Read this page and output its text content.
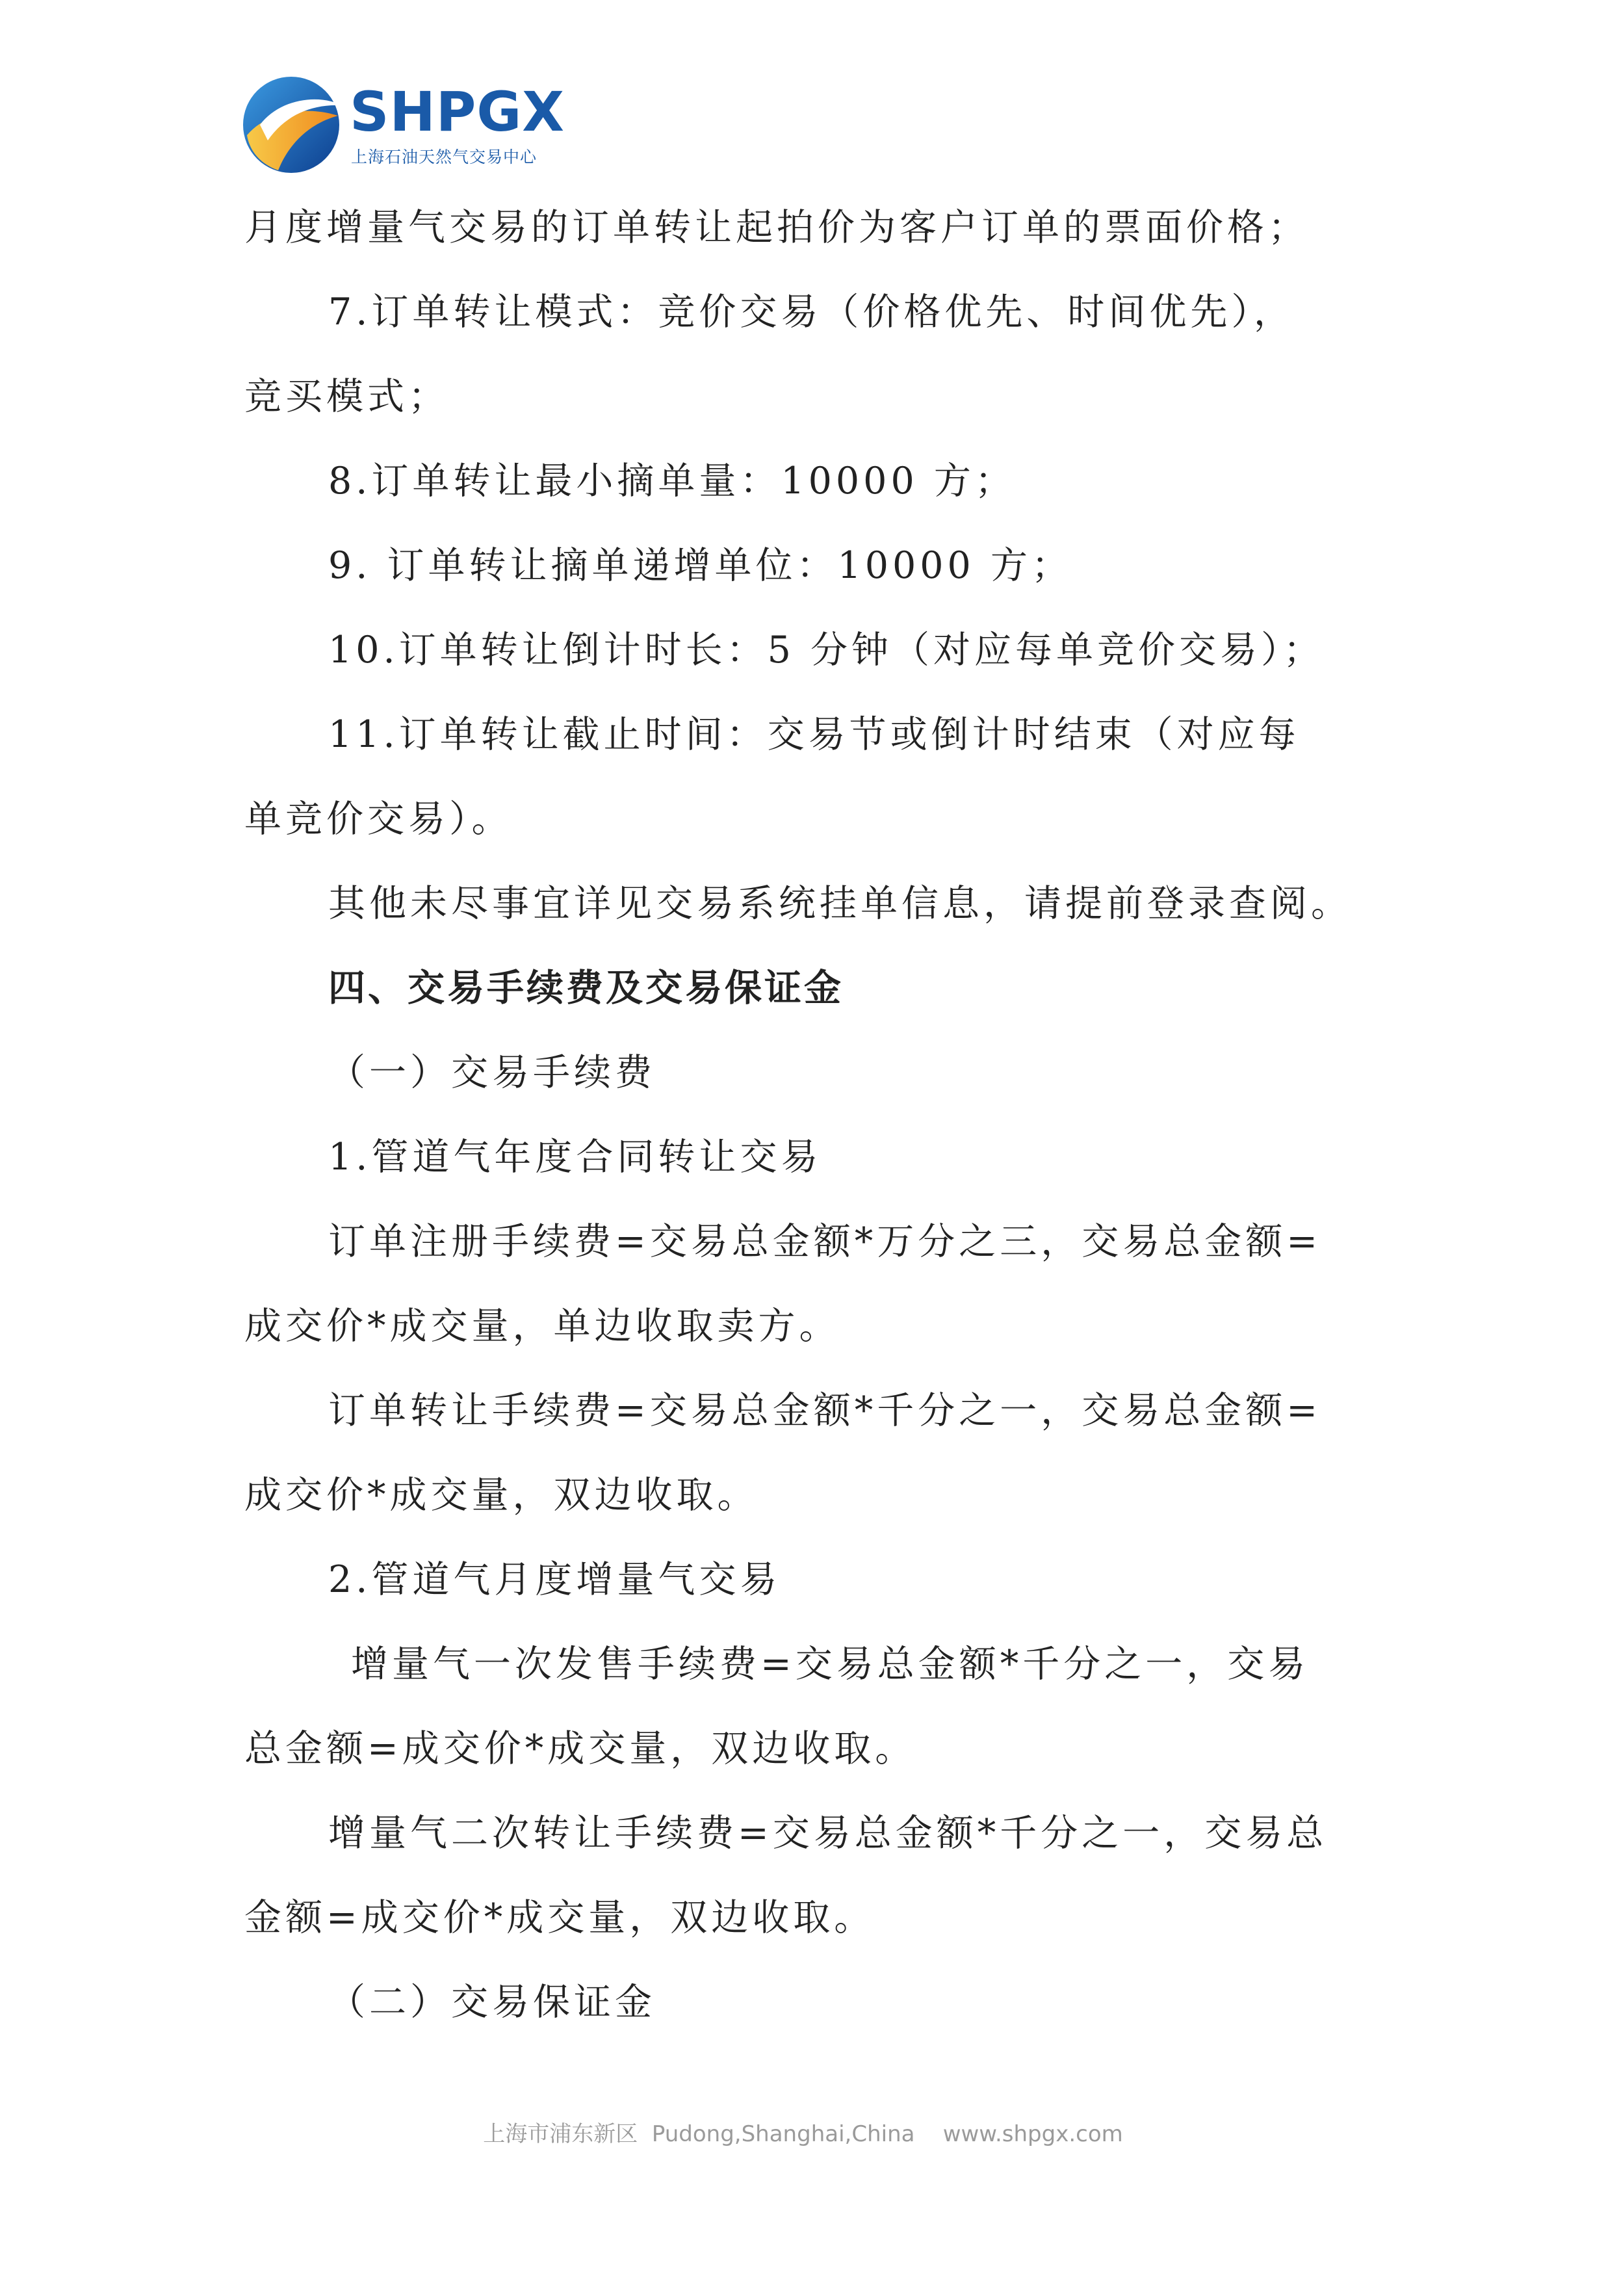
SHPGX
上海石油天然气交易中心
月度增量气交易的订单转让起拍价为客户订单的票面价格；
7.订单转让模式：竞价交易（价格优先、时间优先），
竞买模式；
8.订单转让最小摘单量：10000 方；
9. 订单转让摘单递增单位：10000 方；
10.订单转让倒计时长：5 分钟（对应每单竞价交易）；
11.订单转让截止时间：交易节或倒计时结束（对应每
单竞价交易）。
其他未尽事宜详见交易系统挂单信息，请提前登录查阅。
四、交易手续费及交易保证金
（一）交易手续费
1.管道气年度合同转让交易
订单注册手续费=交易总金额*万分之三，交易总金额=
成交价*成交量，单边收取卖方。
订单转让手续费=交易总金额*千分之一，交易总金额=
成交价*成交量，双边收取。
2.管道气月度增量气交易
增量气一次发售手续费=交易总金额*千分之一，交易
总金额=成交价*成交量，双边收取。
增量气二次转让手续费=交易总金额*千分之一，交易总
金额=成交价*成交量，双边收取。
（二）交易保证金
上海市浦东新区  Pudong,Shanghai,China www.shpgx.com
